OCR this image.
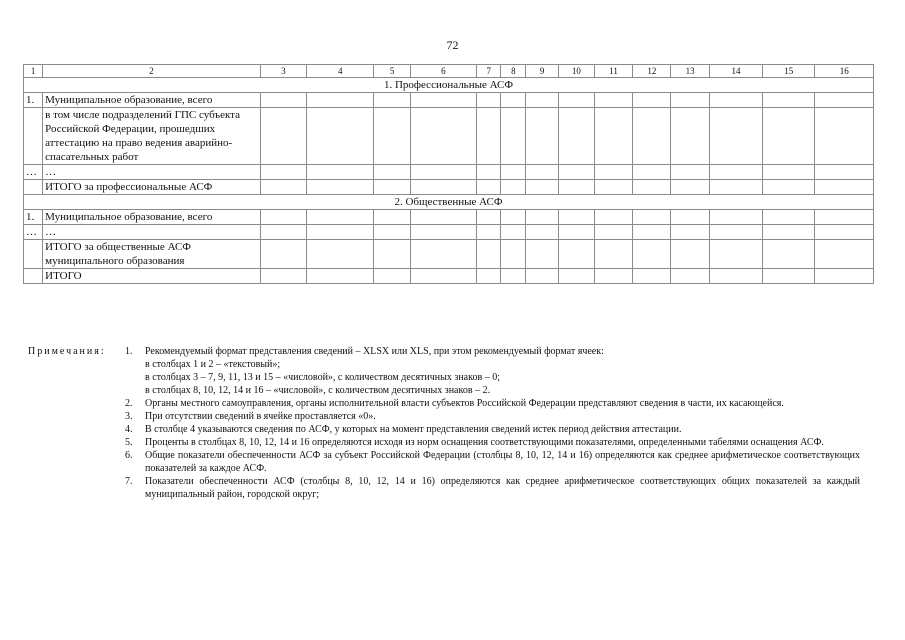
72
1	2	3	4	5	6	7	8	9	10	11	12	13	14	15	16
1. Профессиональные АСФ															
1.	Муниципальное образование, всего														
	в том числе подразделений ГПС субъекта Российской Федерации, прошедших аттестацию на право ведения аварийно-спасательных работ														
…	…														
	ИТОГО за профессиональные АСФ														
2. Общественные АСФ															
1.	Муниципальное образование, всего														
…	…														
	ИТОГО за общественные АСФ муниципального образования														
	ИТОГО														
Примечания: 1. Рекомендуемый формат представления сведений – XLSX или XLS, при этом рекомендуемый формат ячеек:
в столбцах 1 и 2 – «текстовый»;
в столбцах 3 – 7, 9, 11, 13 и 15 – «числовой», с количеством десятичных знаков – 0;
в столбцах 8, 10, 12, 14 и 16 – «числовой», с количеством десятичных знаков – 2.
2. Органы местного самоуправления, органы исполнительной власти субъектов Российской Федерации представляют сведения в части, их касающейся.
3. При отсутствии сведений в ячейке проставляется «0».
4. В столбце 4 указываются сведения по АСФ, у которых на момент представления сведений истек период действия аттестации.
5. Проценты в столбцах 8, 10, 12, 14 и 16 определяются исходя из норм оснащения соответствующими показателями, определенными табелями оснащения АСФ.
6. Общие показатели обеспеченности АСФ за субъект Российской Федерации (столбцы 8, 10, 12, 14 и 16) определяются как среднее арифметическое соответствующих показателей за каждое АСФ.
7. Показатели обеспеченности АСФ (столбцы 8, 10, 12, 14 и 16) определяются как среднее арифметическое соответствующих общих показателей за каждый муниципальный район, городской округ;
